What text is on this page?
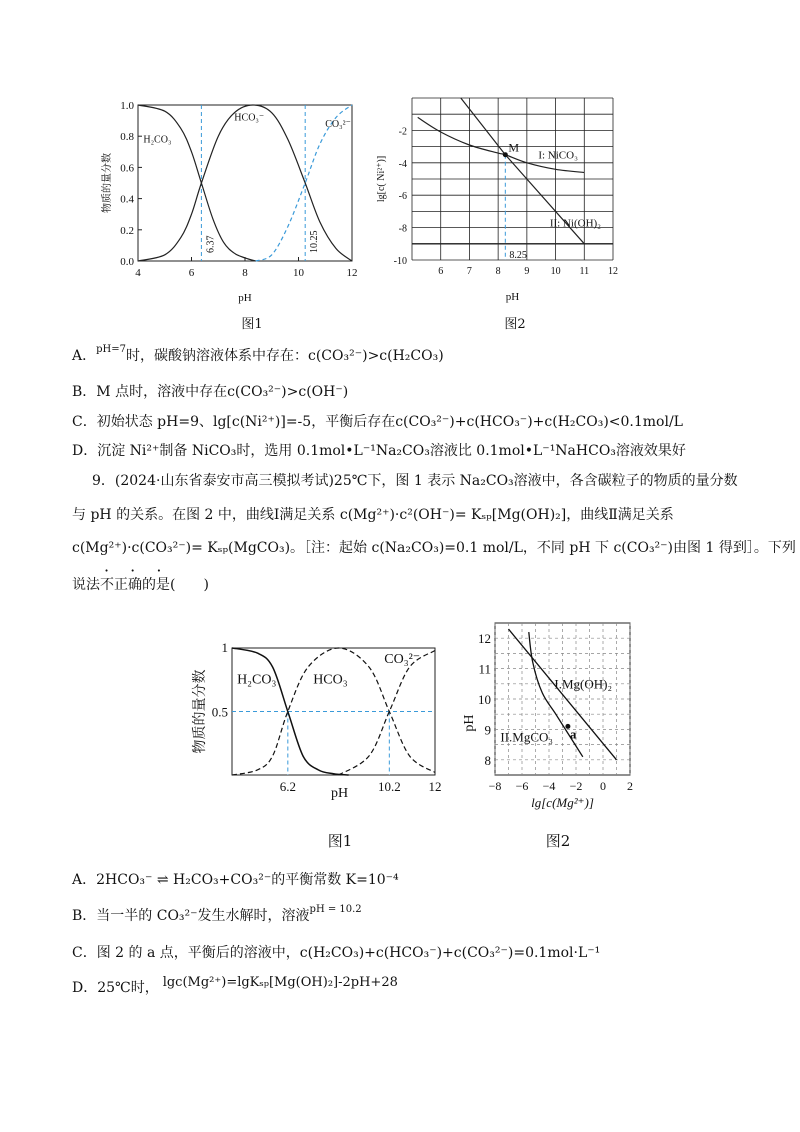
4	6	8	10	12
0.0
0.2
0.4
0.6
0.8
1.0
pH
物质的量分数
6.37	10.25
H₂CO₃
HCO₃⁻
CO₃²⁻
图1
6 7 8 9 10 11 12
-2
-4
-6
-8
-10
pH
lg[c( Ni²⁺)]
8.25
M
I: NiCO₃
II: Ni(OH)₂
图2
A．$^{pH=7}$时，碳酸钠溶液体系中存在：c(CO₃²⁻)>c(H₂CO₃)
B．M 点时，溶液中存在c(CO₃²⁻)>c(OH⁻)
C．初始状态 pH=9、lg[c(Ni²⁺)]=-5，平衡后存在c(CO₃²⁻)+c(HCO₃⁻)+c(H₂CO₃)<0.1mol/L
D．沉淀 Ni²⁺制备 NiCO₃时，选用 0.1mol•L⁻¹Na₂CO₃溶液比 0.1mol•L⁻¹NaHCO₃溶液效果好
9．(2024·山东省泰安市高三模拟考试)25℃下，图 1 表示 Na₂CO₃溶液中，各含碳粒子的物质的量分数
与 pH 的关系。在图 2 中，曲线Ⅰ满足关系 c(Mg²⁺)·c²(OH⁻)= Kₛₚ[Mg(OH)₂]，曲线Ⅱ满足关系
c(Mg²⁺)·c(CO₃²⁻)= Kₛₚ(MgCO₃)。［注：起始 c(Na₂CO₃)=0.1 mol/L，不同 pH 下 c(CO₃²⁻)由图 1 得到］。下列
说法不正确的是(　　)
· · ·
1
0.5
6.2	10.2 12
pH
物质的量分数 H₂CO₃	HCO₃
CO₃²⁻
图1
−8 −6 −4 −2 0 2
8
9
10
11
12
lg[c(Mg²⁺)]
pH
a
I.Mg(OH)₂
II.MgCO₃
图2
A．2HCO₃⁻ ⇌ H₂CO₃+CO₃²⁻的平衡常数 K=10⁻⁴
B．当一半的 CO₃²⁻发生水解时，溶液$^{pH = 10.2}$
C．图 2 的 a 点，平衡后的溶液中，c(H₂CO₃)+c(HCO₃⁻)+c(CO₃²⁻)=0.1mol·L⁻¹
D．25℃时， lgc(Mg²⁺)=lgKₛₚ[Mg(OH)₂]-2pH+28
